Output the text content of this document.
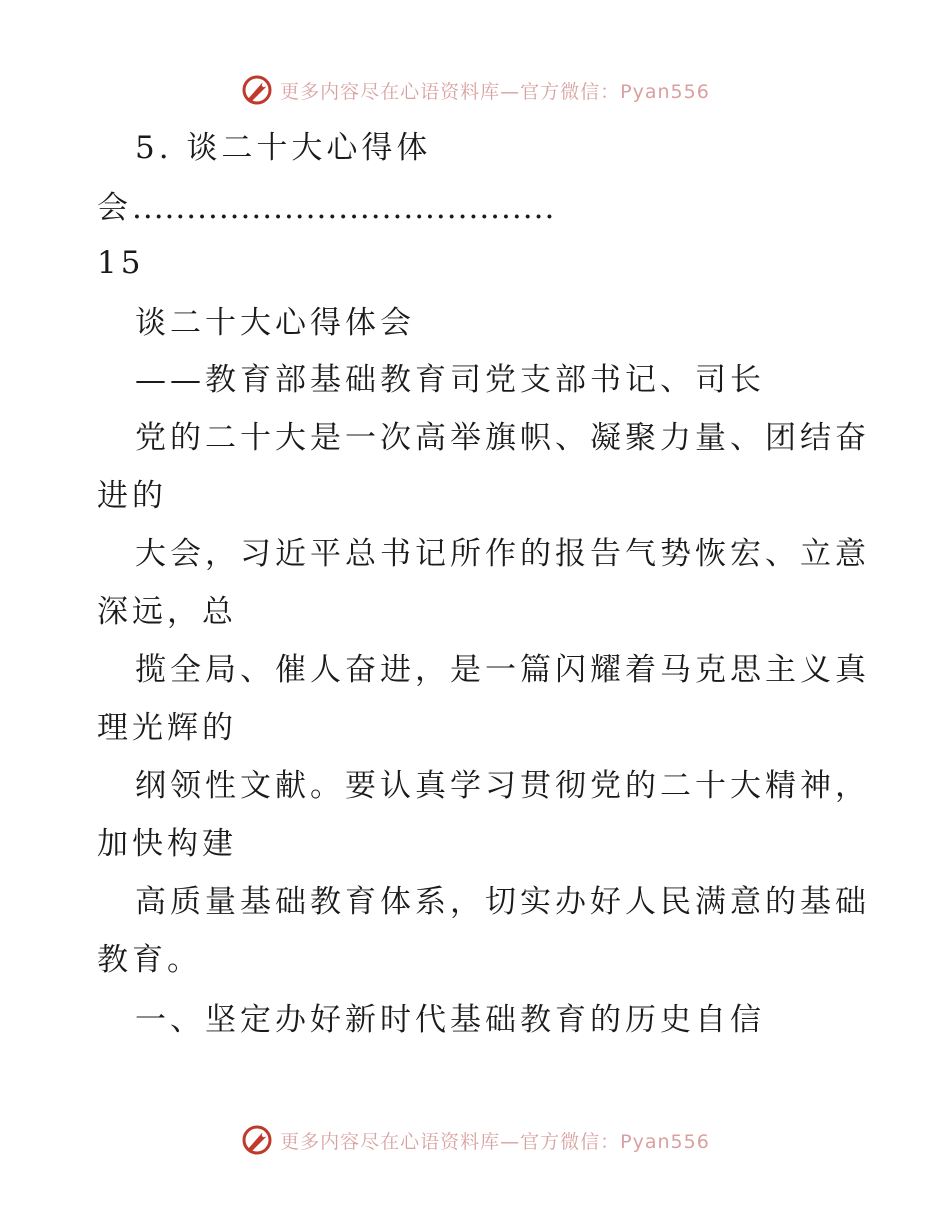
更多内容尽在心语资料库—官方微信：Pyan556
5. 谈二十大心得体
会.......................................
15
谈二十大心得体会
——教育部基础教育司党支部书记、司长
党的二十大是一次高举旗帜、凝聚力量、团结奋
进的
大会，习近平总书记所作的报告气势恢宏、立意
深远，总
揽全局、催人奋进，是一篇闪耀着马克思主义真
理光辉的
纲领性文献。要认真学习贯彻党的二十大精神，
加快构建
高质量基础教育体系，切实办好人民满意的基础
教育。
一、坚定办好新时代基础教育的历史自信
更多内容尽在心语资料库—官方微信：Pyan556
